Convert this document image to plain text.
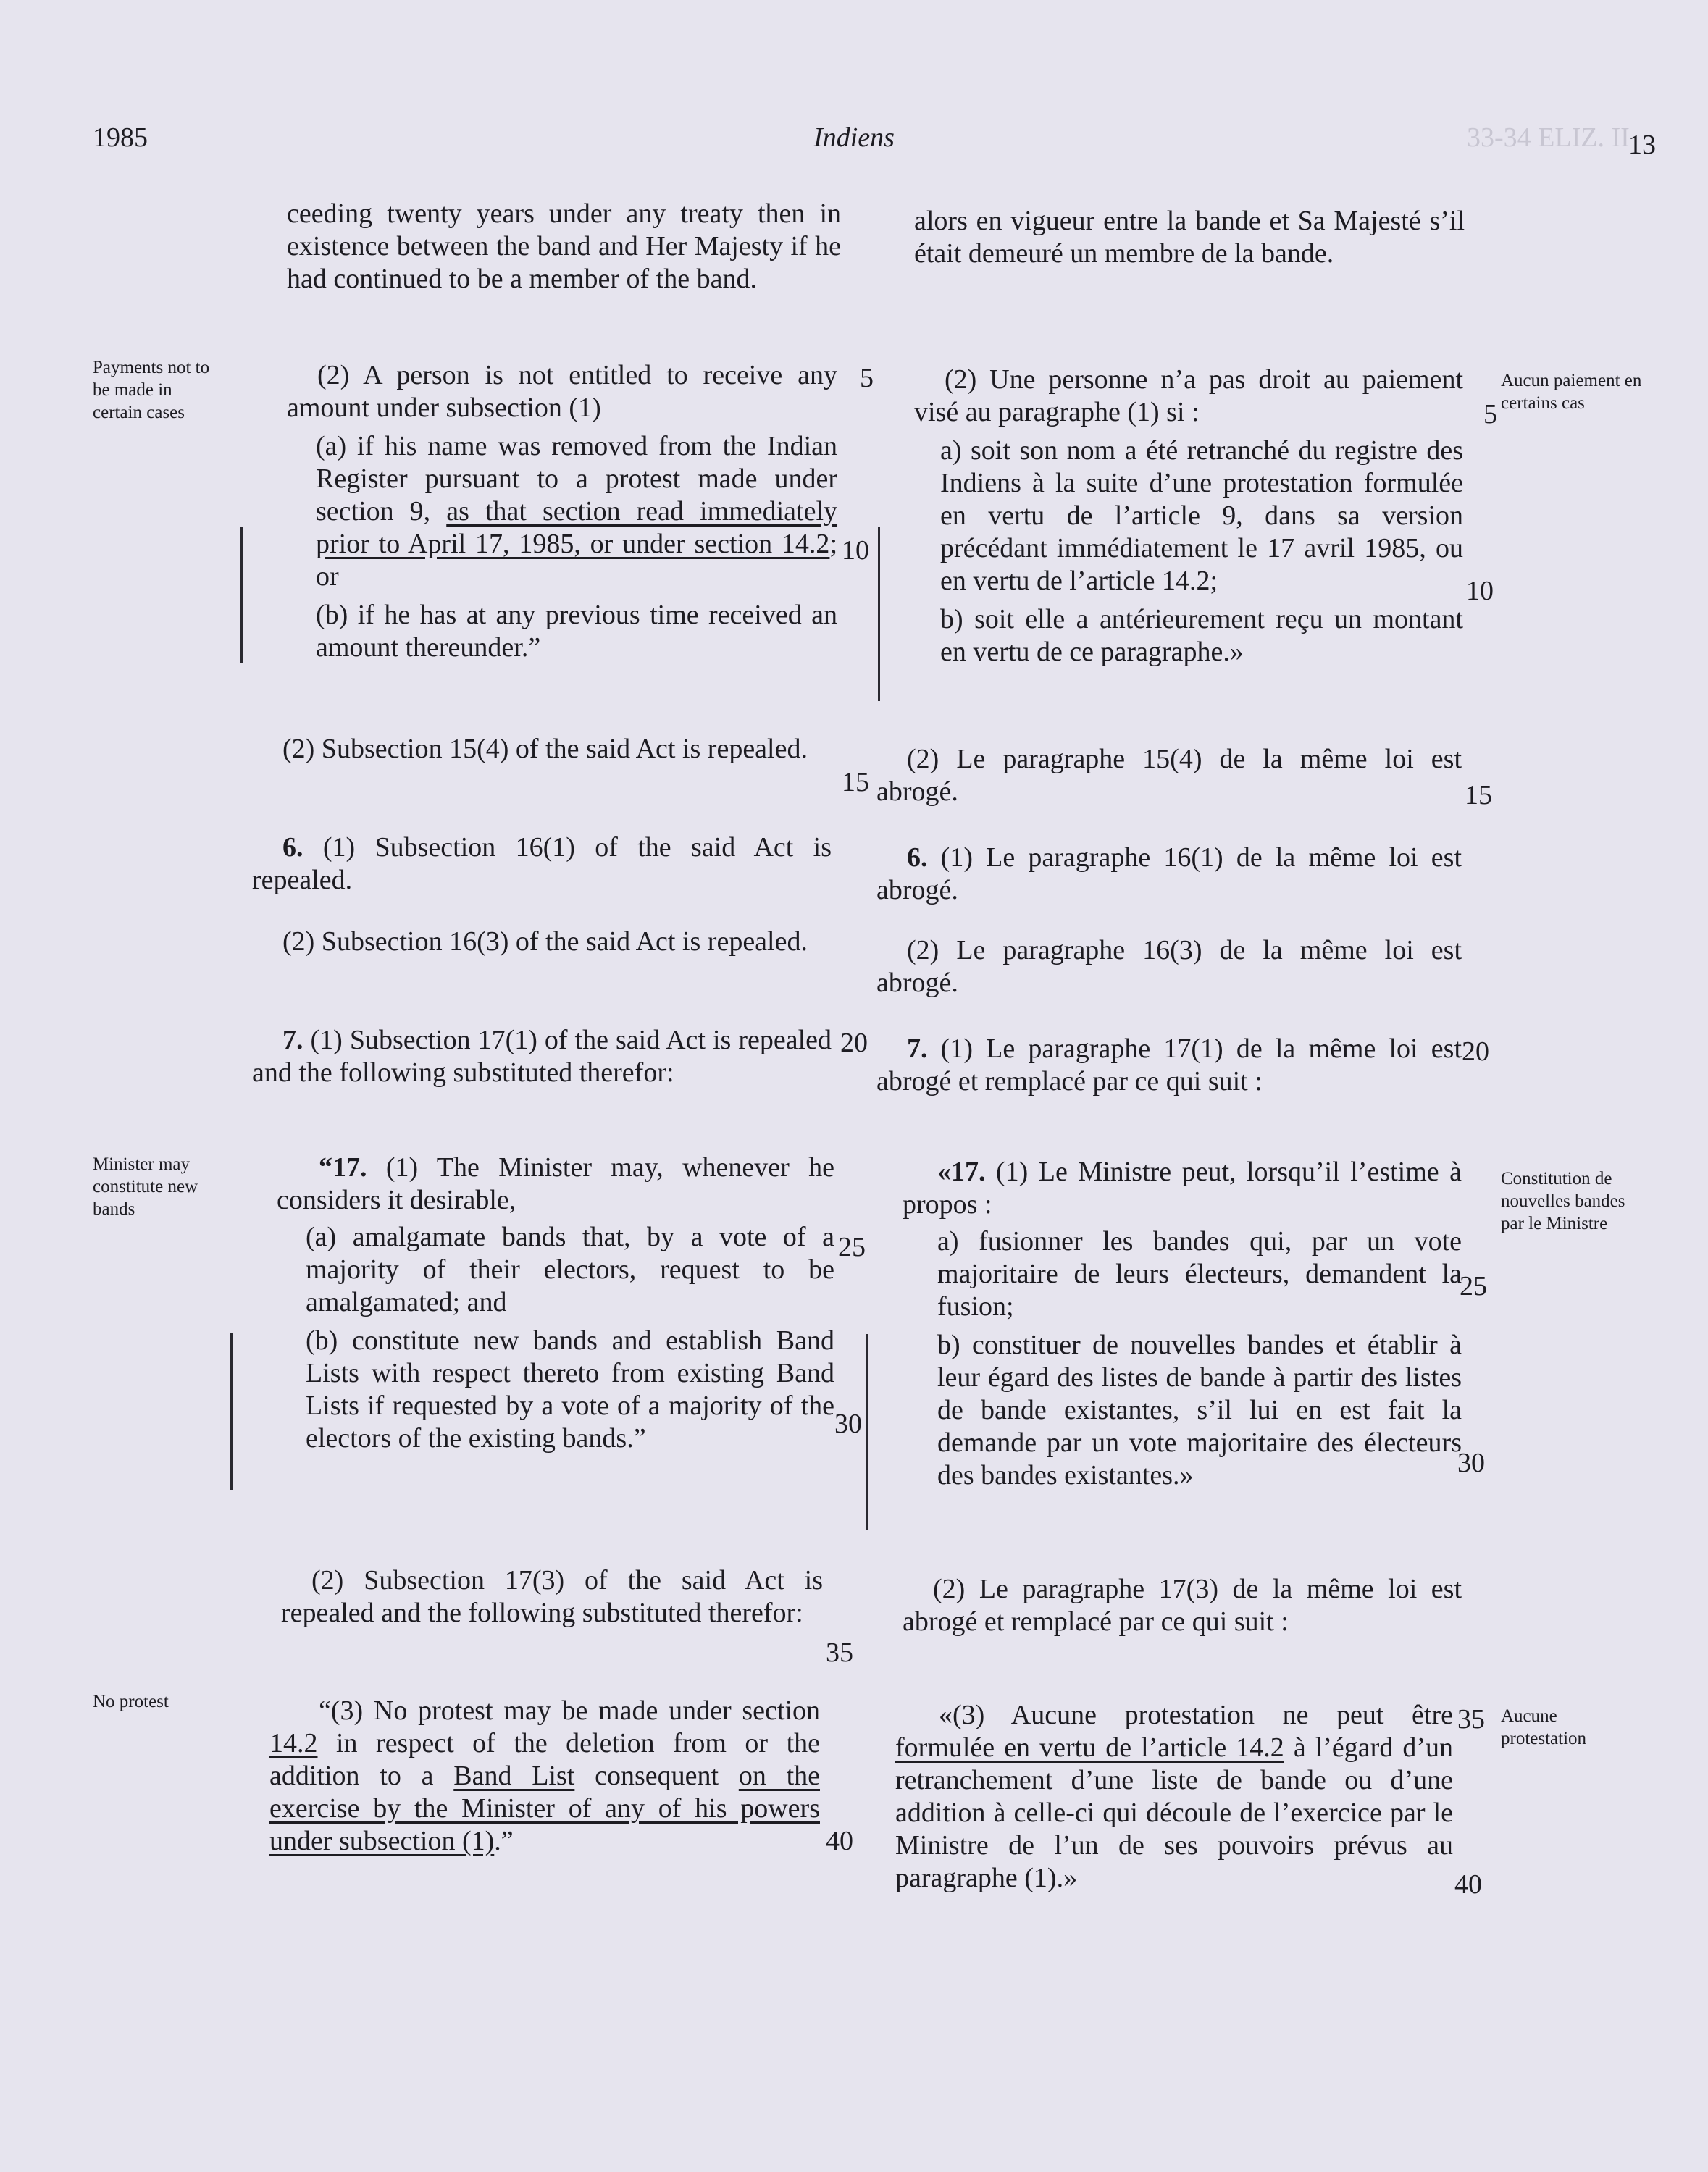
1985	Indiens	33-34 ELIZ. II
13
Payments not to be made in certain cases
Minister may constitute new bands
No protest
Aucun paiement en certains cas
Constitution de nouvelles bandes par le Ministre
Aucune protestation

ceeding twenty years under any treaty then in existence between the band and Her Majesty if he had continued to be a member of the band.

(2) A person is not entitled to receive any amount under subsection (1)

(a) if his name was removed from the Indian Register pursuant to a protest made under section 9, as that section read immediately prior to April 17, 1985, or under section 14.2; or

(b) if he has at any previous time received an amount thereunder.”

(2) Subsection 15(4) of the said Act is repealed.

6. (1) Subsection 16(1) of the said Act is repealed.

(2) Subsection 16(3) of the said Act is repealed.

7. (1) Subsection 17(1) of the said Act is repealed and the following substituted therefor:

“17. (1) The Minister may, whenever he considers it desirable,

(a) amalgamate bands that, by a vote of a majority of their electors, request to be amalgamated; and

(b) constitute new bands and establish Band Lists with respect thereto from existing Band Lists if requested by a vote of a majority of the electors of the existing bands.”

(2) Subsection 17(3) of the said Act is repealed and the following substituted therefor:

“(3) No protest may be made under section 14.2 in respect of the deletion from or the addition to a Band List consequent on the exercise by the Minister of any of his powers under subsection (1).”

alors en vigueur entre la bande et Sa Majesté s’il était demeuré un membre de la bande.

(2) Une personne n’a pas droit au paiement visé au paragraphe (1) si :

a) soit son nom a été retranché du registre des Indiens à la suite d’une protestation formulée en vertu de l’article 9, dans sa version précédant immédiatement le 17 avril 1985, ou en vertu de l’article 14.2;

b) soit elle a antérieurement reçu un montant en vertu de ce paragraphe.»

(2) Le paragraphe 15(4) de la même loi est abrogé.

6. (1) Le paragraphe 16(1) de la même loi est abrogé.

(2) Le paragraphe 16(3) de la même loi est abrogé.

7. (1) Le paragraphe 17(1) de la même loi est abrogé et remplacé par ce qui suit :

«17. (1) Le Ministre peut, lorsqu’il l’estime à propos :

a) fusionner les bandes qui, par un vote majoritaire de leurs électeurs, demandent la fusion;

b) constituer de nouvelles bandes et établir à leur égard des listes de bande à partir des listes de bande existantes, s’il lui en est fait la demande par un vote majoritaire des électeurs des bandes existantes.»

(2) Le paragraphe 17(3) de la même loi est abrogé et remplacé par ce qui suit :

«(3) Aucune protestation ne peut être formulée en vertu de l’article 14.2 à l’égard d’un retranchement d’une liste de bande ou d’une addition à celle-ci qui découle de l’exercice par le Ministre de l’un de ses pouvoirs prévus au paragraphe (1).»

5
10
15
20
25
30
35
40
5
10
15
20
25
30
35
40
